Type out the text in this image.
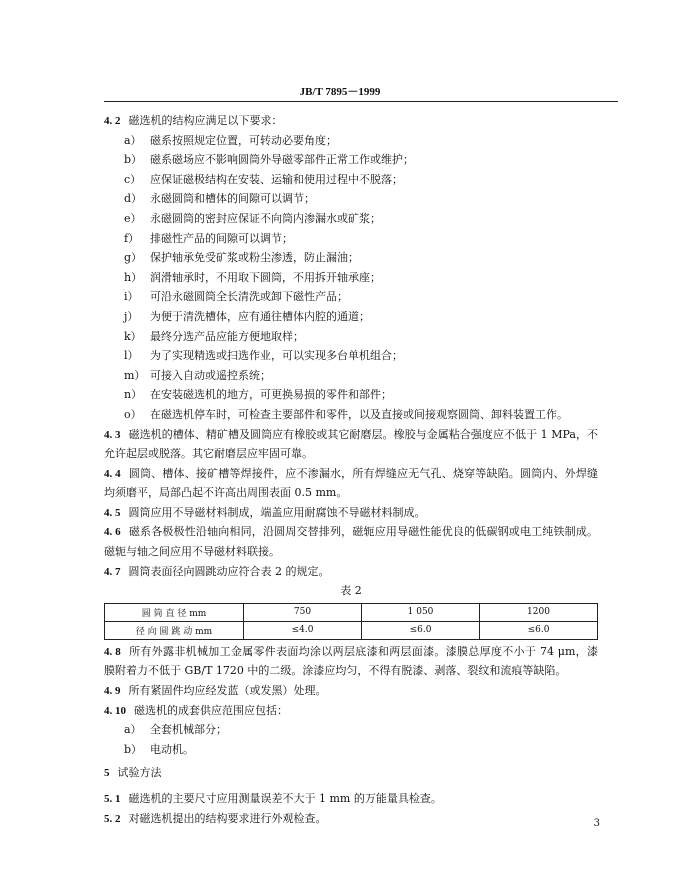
JB/T 7895－1999
4. 2 磁选机的结构应满足以下要求：
a） 磁系按照规定位置，可转动必要角度；
b） 磁系磁场应不影响圆筒外导磁零部件正常工作或维护；
c） 应保证磁极结构在安装、运输和使用过程中不脱落；
d） 永磁圆筒和槽体的间隙可以调节；
e） 永磁圆筒的密封应保证不向筒内渗漏水或矿浆；
f） 排磁性产品的间隙可以调节；
g） 保护轴承免受矿浆或粉尘渗透，防止漏油；
h） 润滑轴承时，不用取下圆筒，不用拆开轴承座；
i） 可沿永磁圆筒全长清洗或卸下磁性产品；
j） 为便于清洗槽体，应有通往槽体内腔的通道；
k） 最终分选产品应能方便地取样；
l） 为了实现精选或扫选作业，可以实现多台单机组合；
m） 可接入自动或遥控系统；
n） 在安装磁选机的地方，可更换易损的零件和部件；
o） 在磁选机停车时，可检查主要部件和零件，以及直接或间接观察圆筒、卸料装置工作。
4. 3 磁选机的槽体、精矿槽及圆筒应有橡胶或其它耐磨层。橡胶与金属粘合强度应不低于 1 MPa，不
允许起层或脱落。其它耐磨层应牢固可靠。
4. 4 圆筒、槽体、接矿槽等焊接件，应不渗漏水，所有焊缝应无气孔、烧穿等缺陷。圆筒内、外焊缝
均须磨平，局部凸起不许高出周围表面 0.5 mm。
4. 5 圆筒应用不导磁材料制成，端盖应用耐腐蚀不导磁材料制成。
4. 6 磁系各极极性沿轴向相同，沿圆周交替排列，磁轭应用导磁性能优良的低碳钢或电工纯铁制成。
磁轭与轴之间应用不导磁材料联接。
4. 7 圆筒表面径向圆跳动应符合表 2 的规定。
表 2
圆 筒 直 径 mm	750	1 050	1200
径 向 圆 跳 动 mm	≤4.0	≤6.0	≤6.0
4. 8 所有外露非机械加工金属零件表面均涂以两层底漆和两层面漆。漆膜总厚度不小于 74 μm，漆
膜附着力不低于 GB/T 1720 中的二级。涂漆应均匀，不得有脱漆、剥落、裂纹和流痕等缺陷。
4. 9 所有紧固件均应经发蓝（或发黑）处理。
4. 10 磁选机的成套供应范围应包括：
a） 全套机械部分；
b） 电动机。
5 试验方法
5. 1 磁选机的主要尺寸应用测量误差不大于 1 mm 的万能量具检查。
5. 2 对磁选机提出的结构要求进行外观检查。	3
